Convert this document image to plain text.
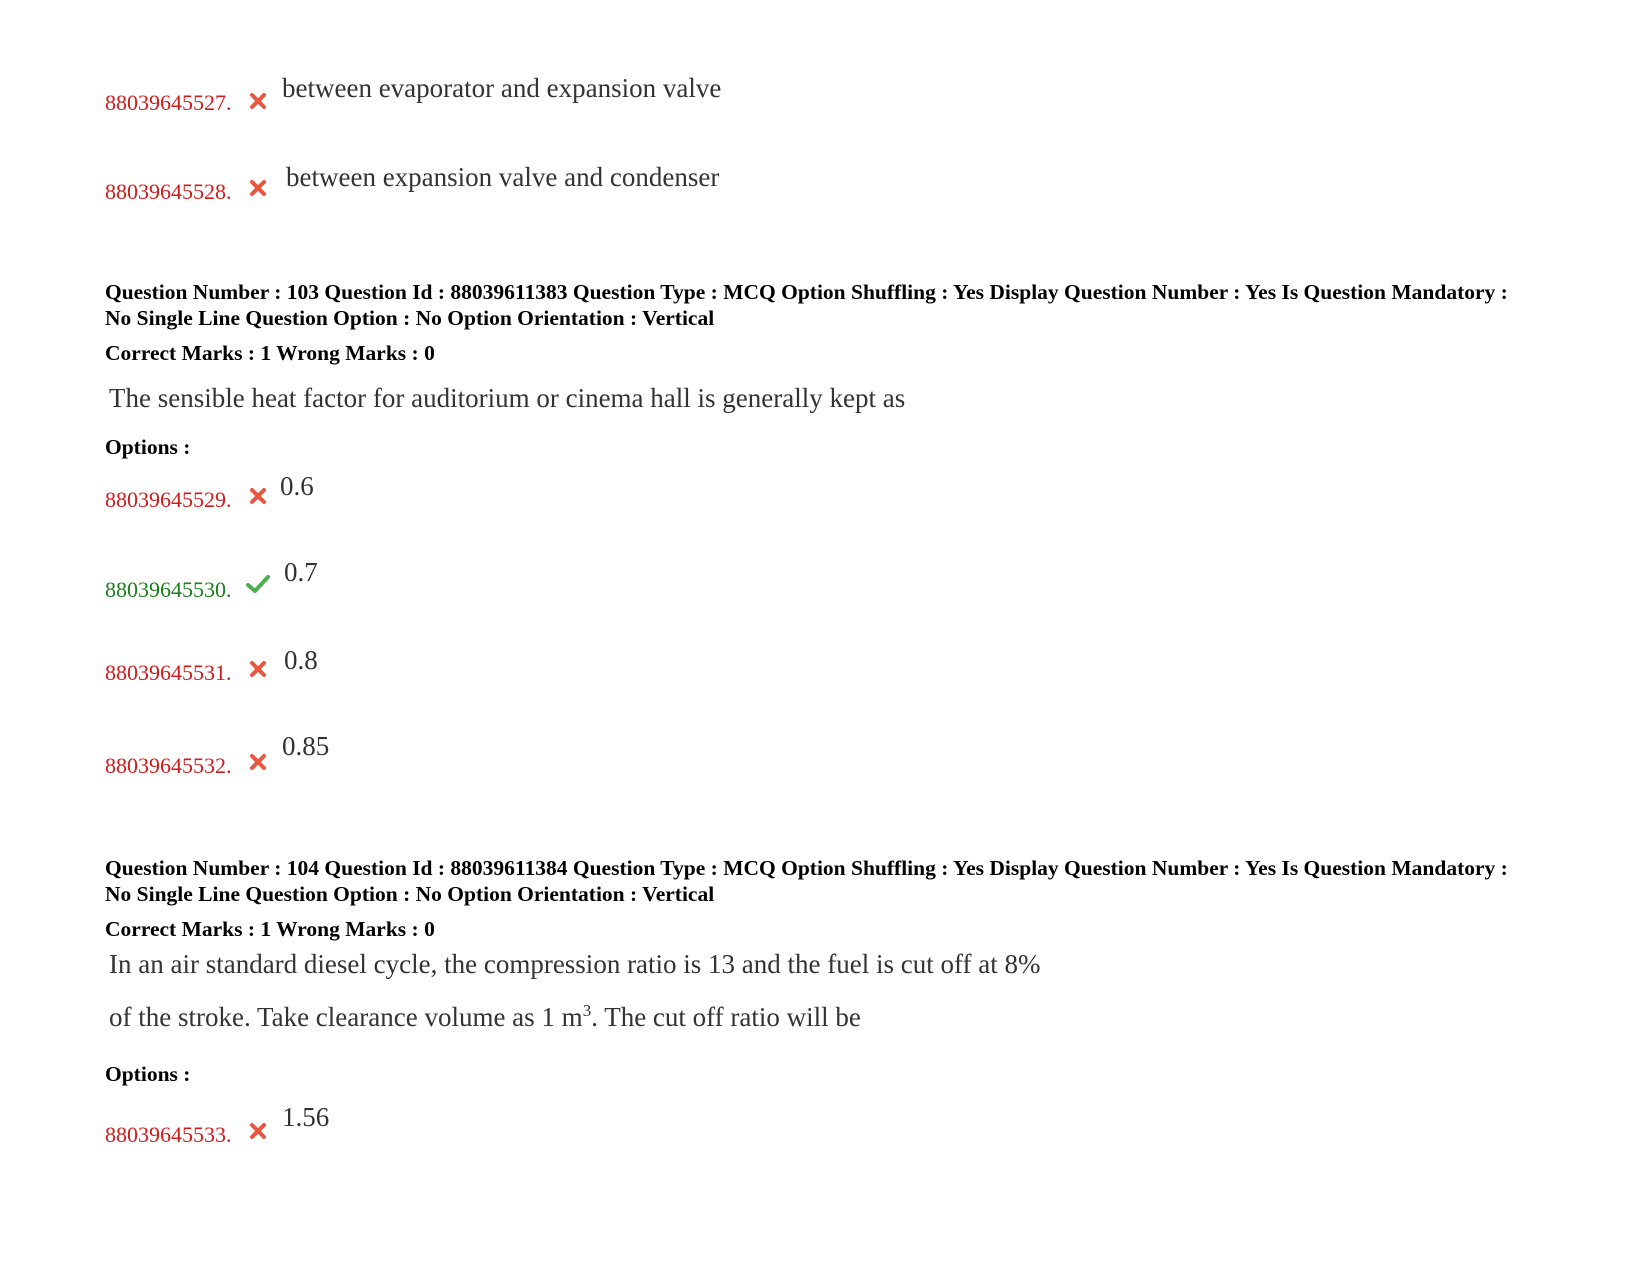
88039645527. between evaporator and expansion valve
88039645528. between expansion valve and condenser
Question Number : 103 Question Id : 88039611383 Question Type : MCQ Option Shuffling : Yes Display Question Number : Yes Is Question Mandatory : No Single Line Question Option : No Option Orientation : Vertical
Correct Marks : 1 Wrong Marks : 0
The sensible heat factor for auditorium or cinema hall is generally kept as
Options :
88039645529. 0.6
88039645530.
0.7
88039645531. 0.8
88039645532.
0.85
Question Number : 104 Question Id : 88039611384 Question Type : MCQ Option Shuffling : Yes Display Question Number : Yes Is Question Mandatory : No Single Line Question Option : No Option Orientation : Vertical
Correct Marks : 1 Wrong Marks : 0
In an air standard diesel cycle, the compression ratio is 13 and the fuel is cut off at 8%
of the stroke. Take clearance volume as 1 $m^3$. The cut off ratio will be
Options :
88039645533.
1.56
